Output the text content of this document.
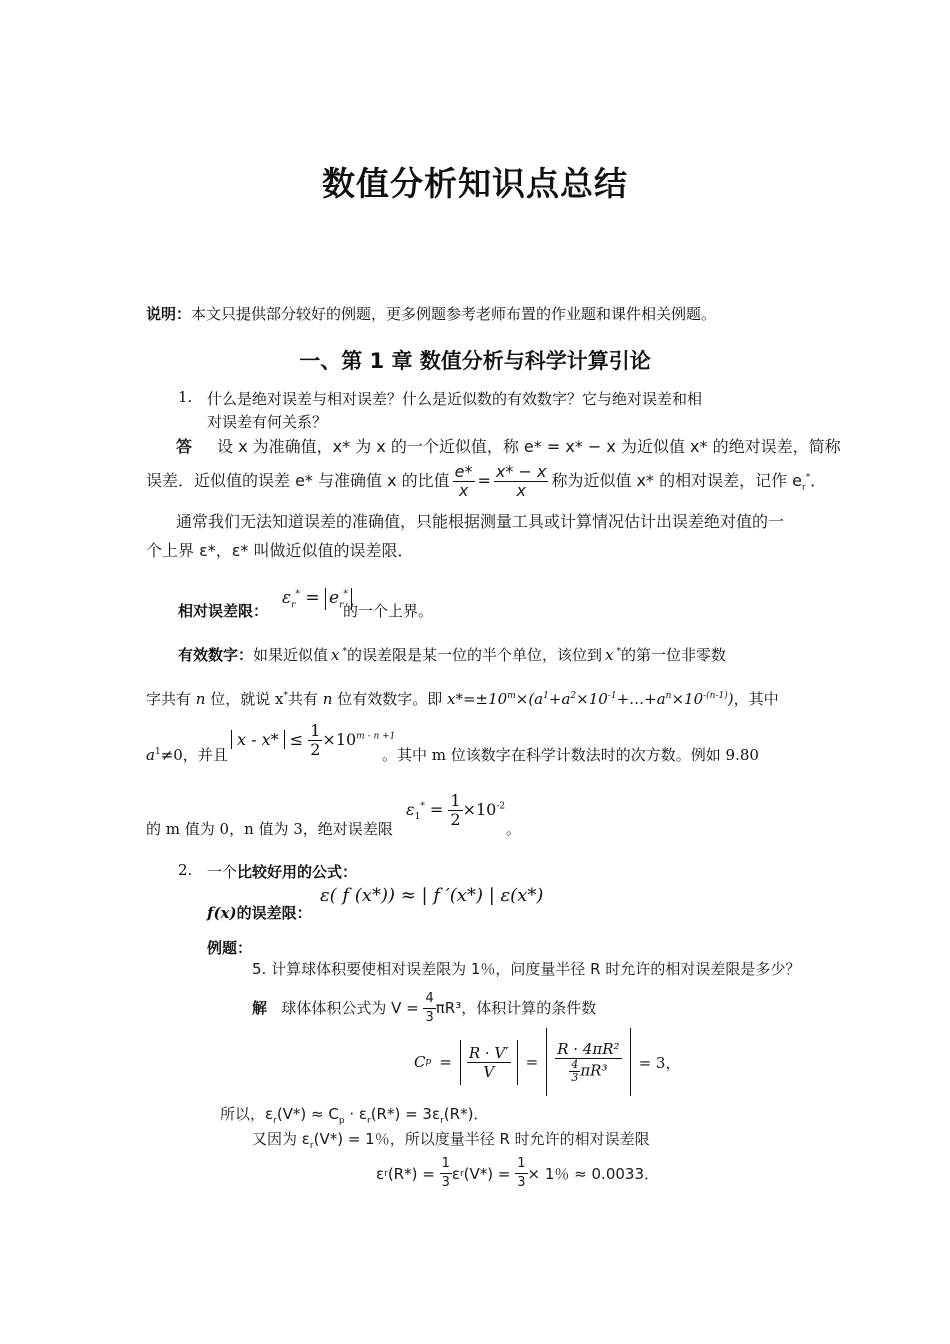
数值分析知识点总结
说明：本文只提供部分较好的例题，更多例题参考老师布置的作业题和课件相关例题。
一、第 1 章 数值分析与科学计算引论
1. 什么是绝对误差与相对误差？什么是近似数的有效数字？它与绝对误差和相
对误差有何关系？
答 设 x 为准确值，x* 为 x 的一个近似值，称 e* = x* − x 为近似值 x* 的绝对误差，简称
误差．近似值的误差 e* 与准确值 x 的比值 $\frac{e*}{x} = \frac{x* - x}{x}$ 称为近似值 x* 的相对误差，记作 $e_r^*$．
通常我们无法知道误差的准确值，只能根据测量工具或计算情况估计出误差绝对值的一
个上界 ε*，ε* 叫做近似值的误差限．
相对误差限：
$\varepsilon_r^* = e_r^*$
的一个上界。
有效数字：如果近似值 x *的误差限是某一位的半个单位，该位到 x *的第一位非零数
字共有 n 位，就说 x*共有 n 位有效数字。即 $x*=\pm 10^m\times(a^1+a^2\times 10^{-1}+\dots+a^n\times 10^{-(n-1)})$，其中
$a^1\ne 0$，并且
$x - x* \le \frac{1}{2} \times 10^{m - n +1}$
。其中 m 位该数字在科学计数法时的次方数。例如 9.80
的 m 值为 0，n 值为 3，绝对误差限
$\varepsilon_1^* = \frac{1}{2} \times 10^{-2}$
。
2. 一个比较好用的公式：
f(x)的误差限：
ε( f (x*)) ≈ | f ′(x*) | ε(x*)
例题：
5. 计算球体积要使相对误差限为 1％，问度量半径 R 时允许的相对误差限是多少？
解 球体体积公式为 $V = \frac{4}{3} \pi R^3$，体积计算的条件数
C $p = \frac{R \cdot V'}{V} = \frac{\text{R · 4πR²}}{\frac{4}{3} \pi R^3} = 3$，
所以，$\varepsilon_r(V*) \approx C_p \cdot \varepsilon_r(R*) = 3\varepsilon_r(R*)$．
又因为 $\varepsilon_r(V*) = 1$％，所以度量半径 R 时允许的相对误差限
ε r (R*) =
$\frac{1}{3}$ ε r (V*) =
$\frac{1}{3} \times 1$％ ≈ 0.0033．
